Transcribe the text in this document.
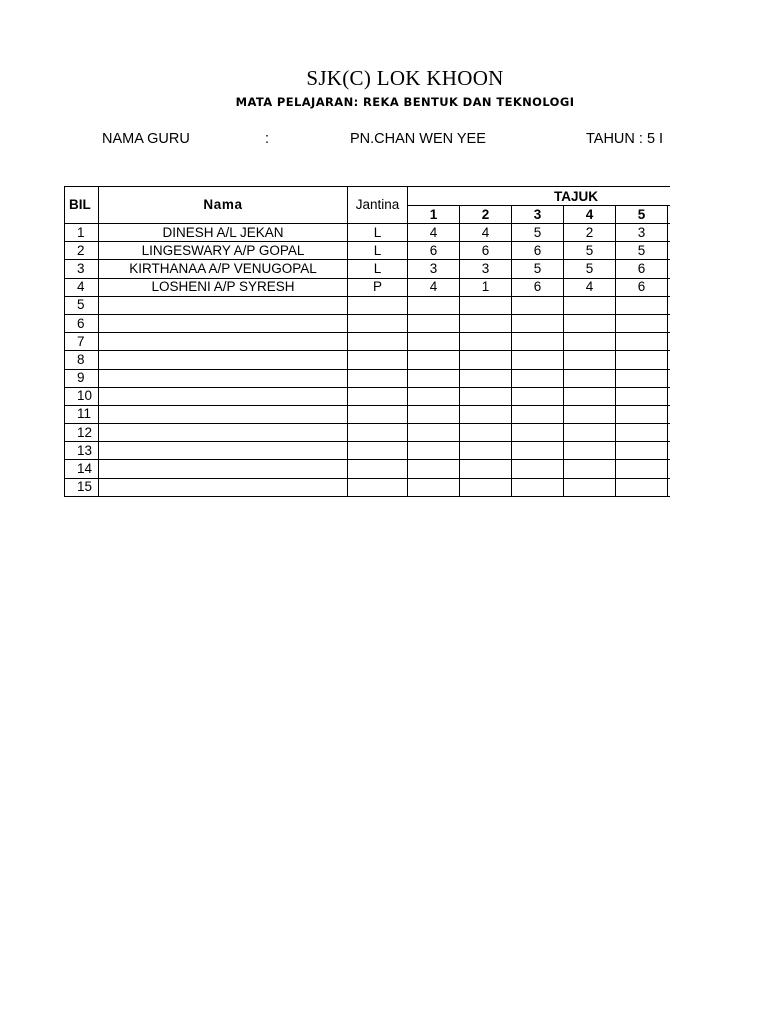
SJK(C) LOK KHOON
MATA PELAJARAN: REKA BENTUK DAN TEKNOLOGI
NAMA GURU	:	PN.CHAN WEN YEE	TAHUN : 5 I
BIL	Nama	Jantina	TAJUK					
			1	2	3	4	5	
1	DINESH A/L JEKAN	L	4	4	5	2	3	
2	LINGESWARY A/P GOPAL	L	6	6	6	5	5	
3	KIRTHANAA A/P VENUGOPAL	L	3	3	5	5	6	
4	LOSHENI A/P SYRESH	P	4	1	6	4	6	
5								
6								
7								
8								
9								
10								
11								
12								
13								
14								
15								
